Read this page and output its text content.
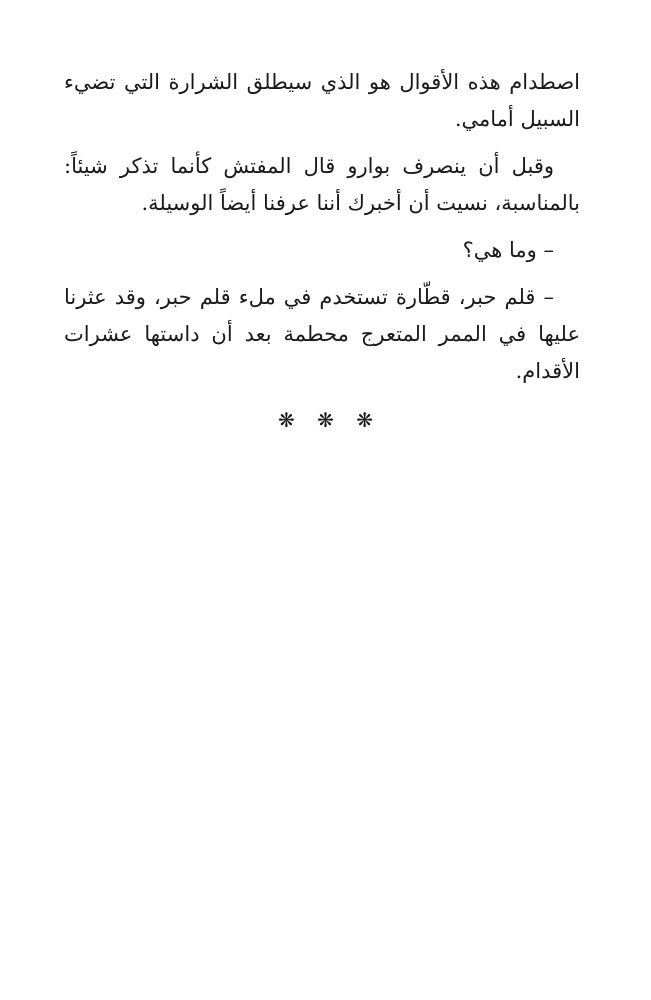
اصطدام هذه الأقوال هو الذي سيطلق الشرارة التي تضيء السبيل أمامي.

وقبل أن ينصرف بوارو قال المفتش كأنما تذكر شيئاً: بالمناسبة، نسيت أن أخبرك أننا عرفنا أيضاً الوسيلة.

– وما هي؟

– قلم حبر، قطّارة تستخدم في ملء قلم حبر، وقد عثرنا عليها في الممر المتعرج محطمة بعد أن داستها عشرات الأقدام.

❋ ❋ ❋
